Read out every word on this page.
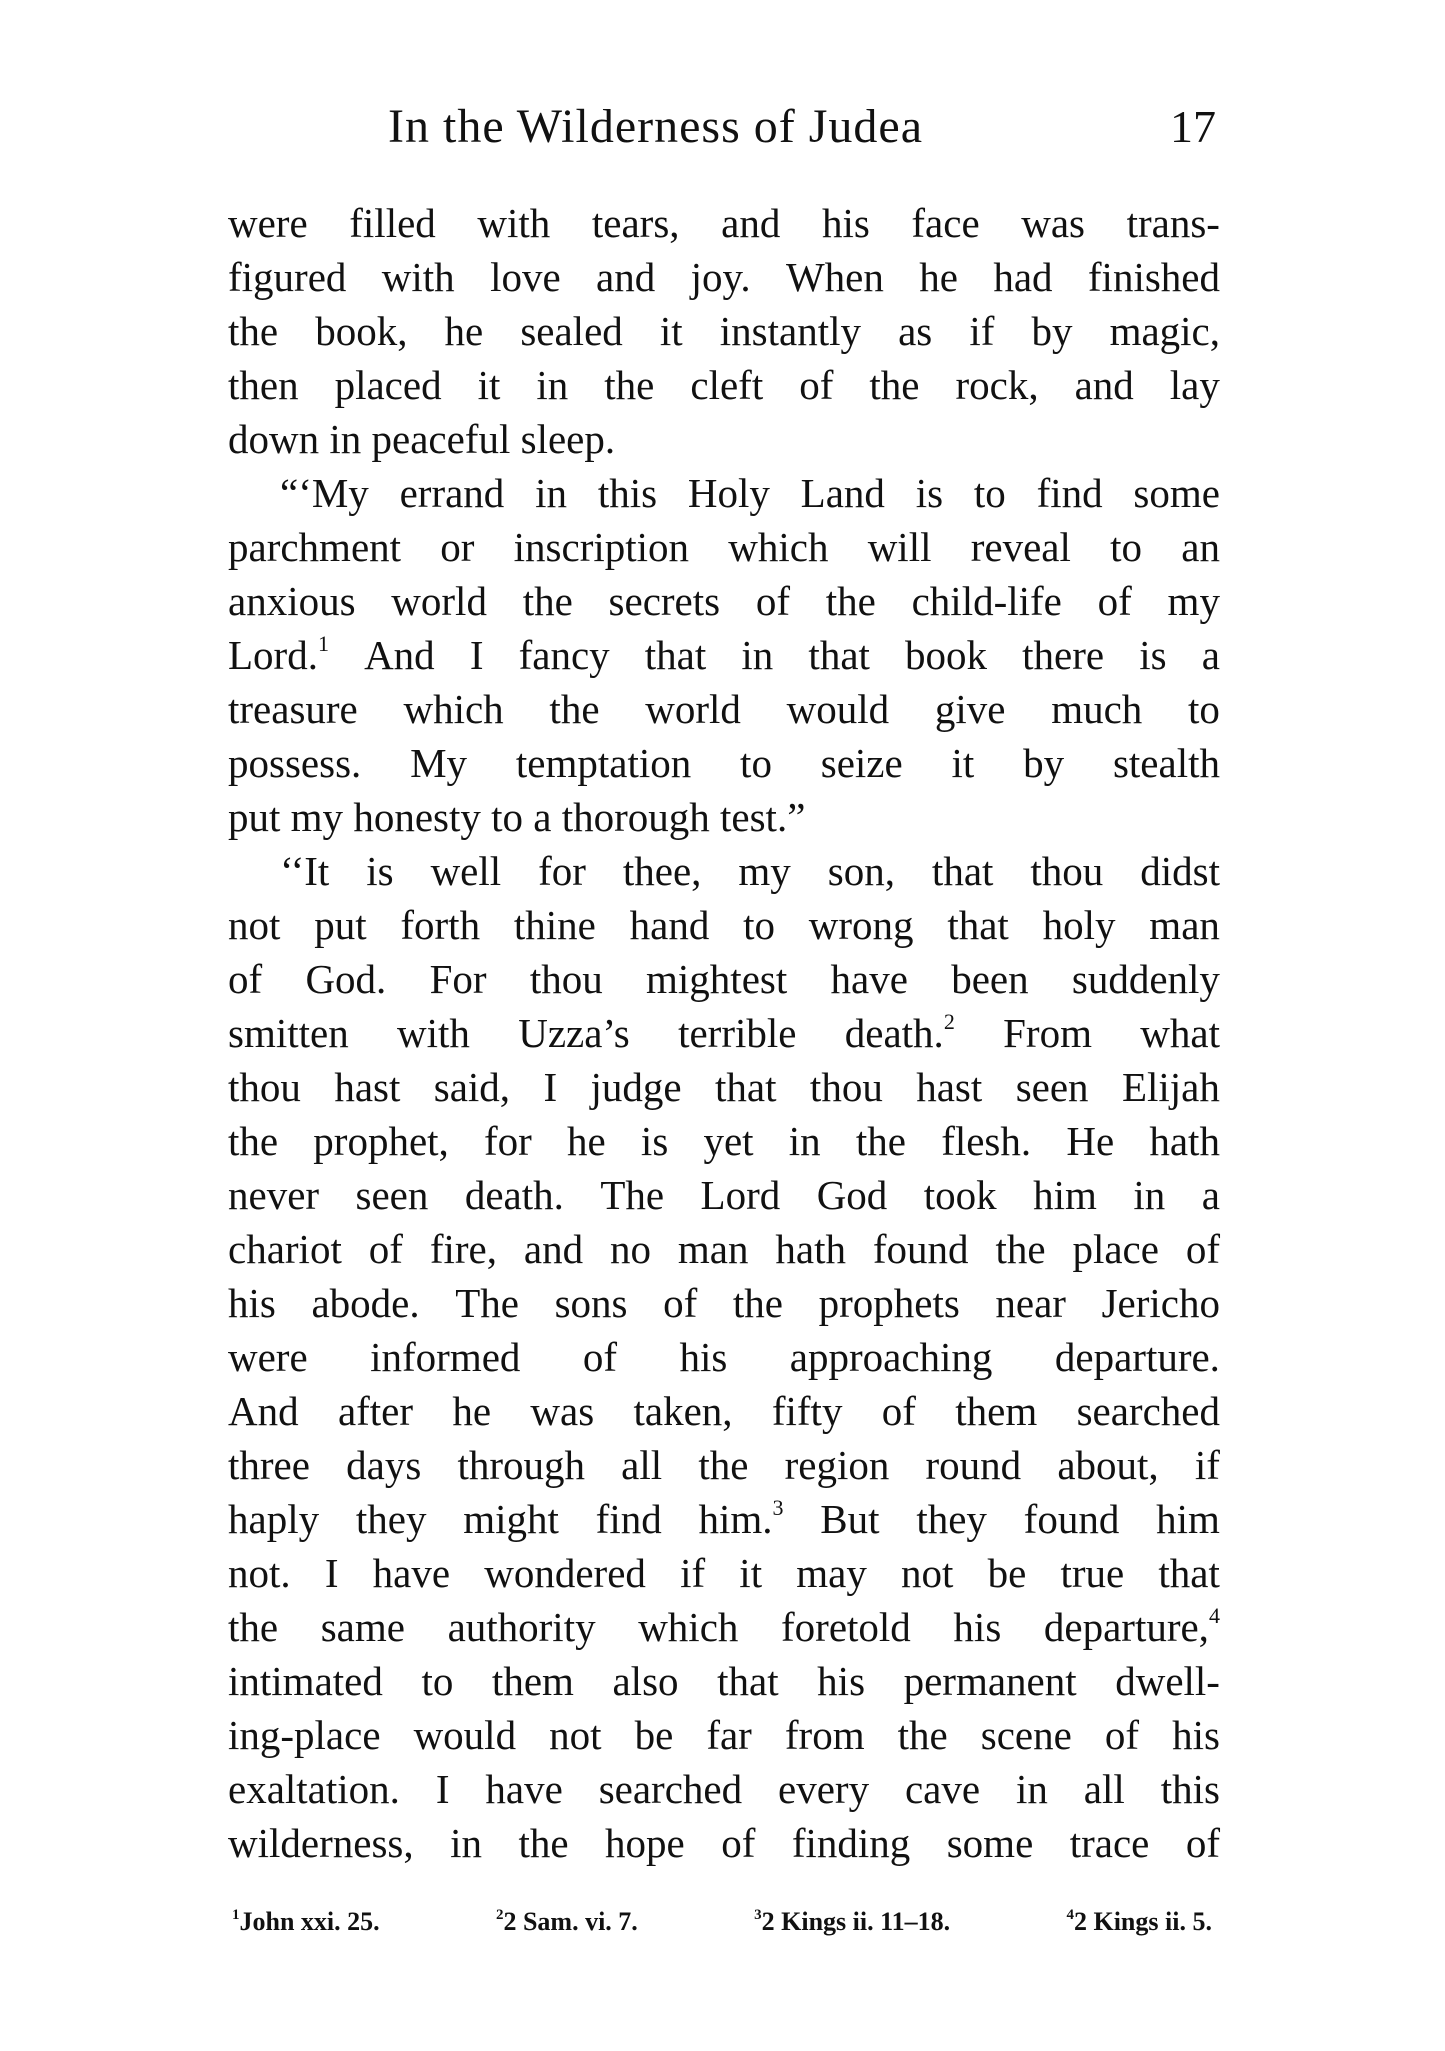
In the Wilderness of Judea	17
were filled with tears, and his face was trans-
figured with love and joy. When he had finished
the book, he sealed it instantly as if by magic,
then placed it in the cleft of the rock, and lay
down
in
peaceful
sleep.
“‘My errand in this Holy Land is to find some
parchment or inscription which will reveal to an
anxious world the secrets of the child-life of my
Lord.$^1$ And I fancy that in that book there is a
treasure which the world would give much to
possess. My temptation to seize it by stealth
put
my
honesty
to
a
thorough
test.”
‘‘It is well for thee, my son, that thou didst
not put forth thine hand to wrong that holy man
of God. For thou mightest have been suddenly
smitten with Uzza’s terrible death.$^2$ From what
thou hast said, I judge that thou hast seen Elijah
the prophet, for he is yet in the flesh. He hath
never seen death. The Lord God took him in a
chariot of fire, and no man hath found the place of
his abode. The sons of the prophets near Jericho
were informed of his approaching departure.
And after he was taken, fifty of them searched
three days through all the region round about, if
haply they might find him.$^3$ But they found him
not. I have wondered if it may not be true that
the same authority which foretold his departure,$^4$
intimated to them also that his permanent dwell-
ing-place would not be far from the scene of his
exaltation. I have searched every cave in all this
wilderness, in the hope of finding some trace of
$^1$John xxi. 25.	$^2$2 Sam. vi. 7.	$^3$2 Kings ii. 11–18.	$^4$2 Kings ii. 5.
